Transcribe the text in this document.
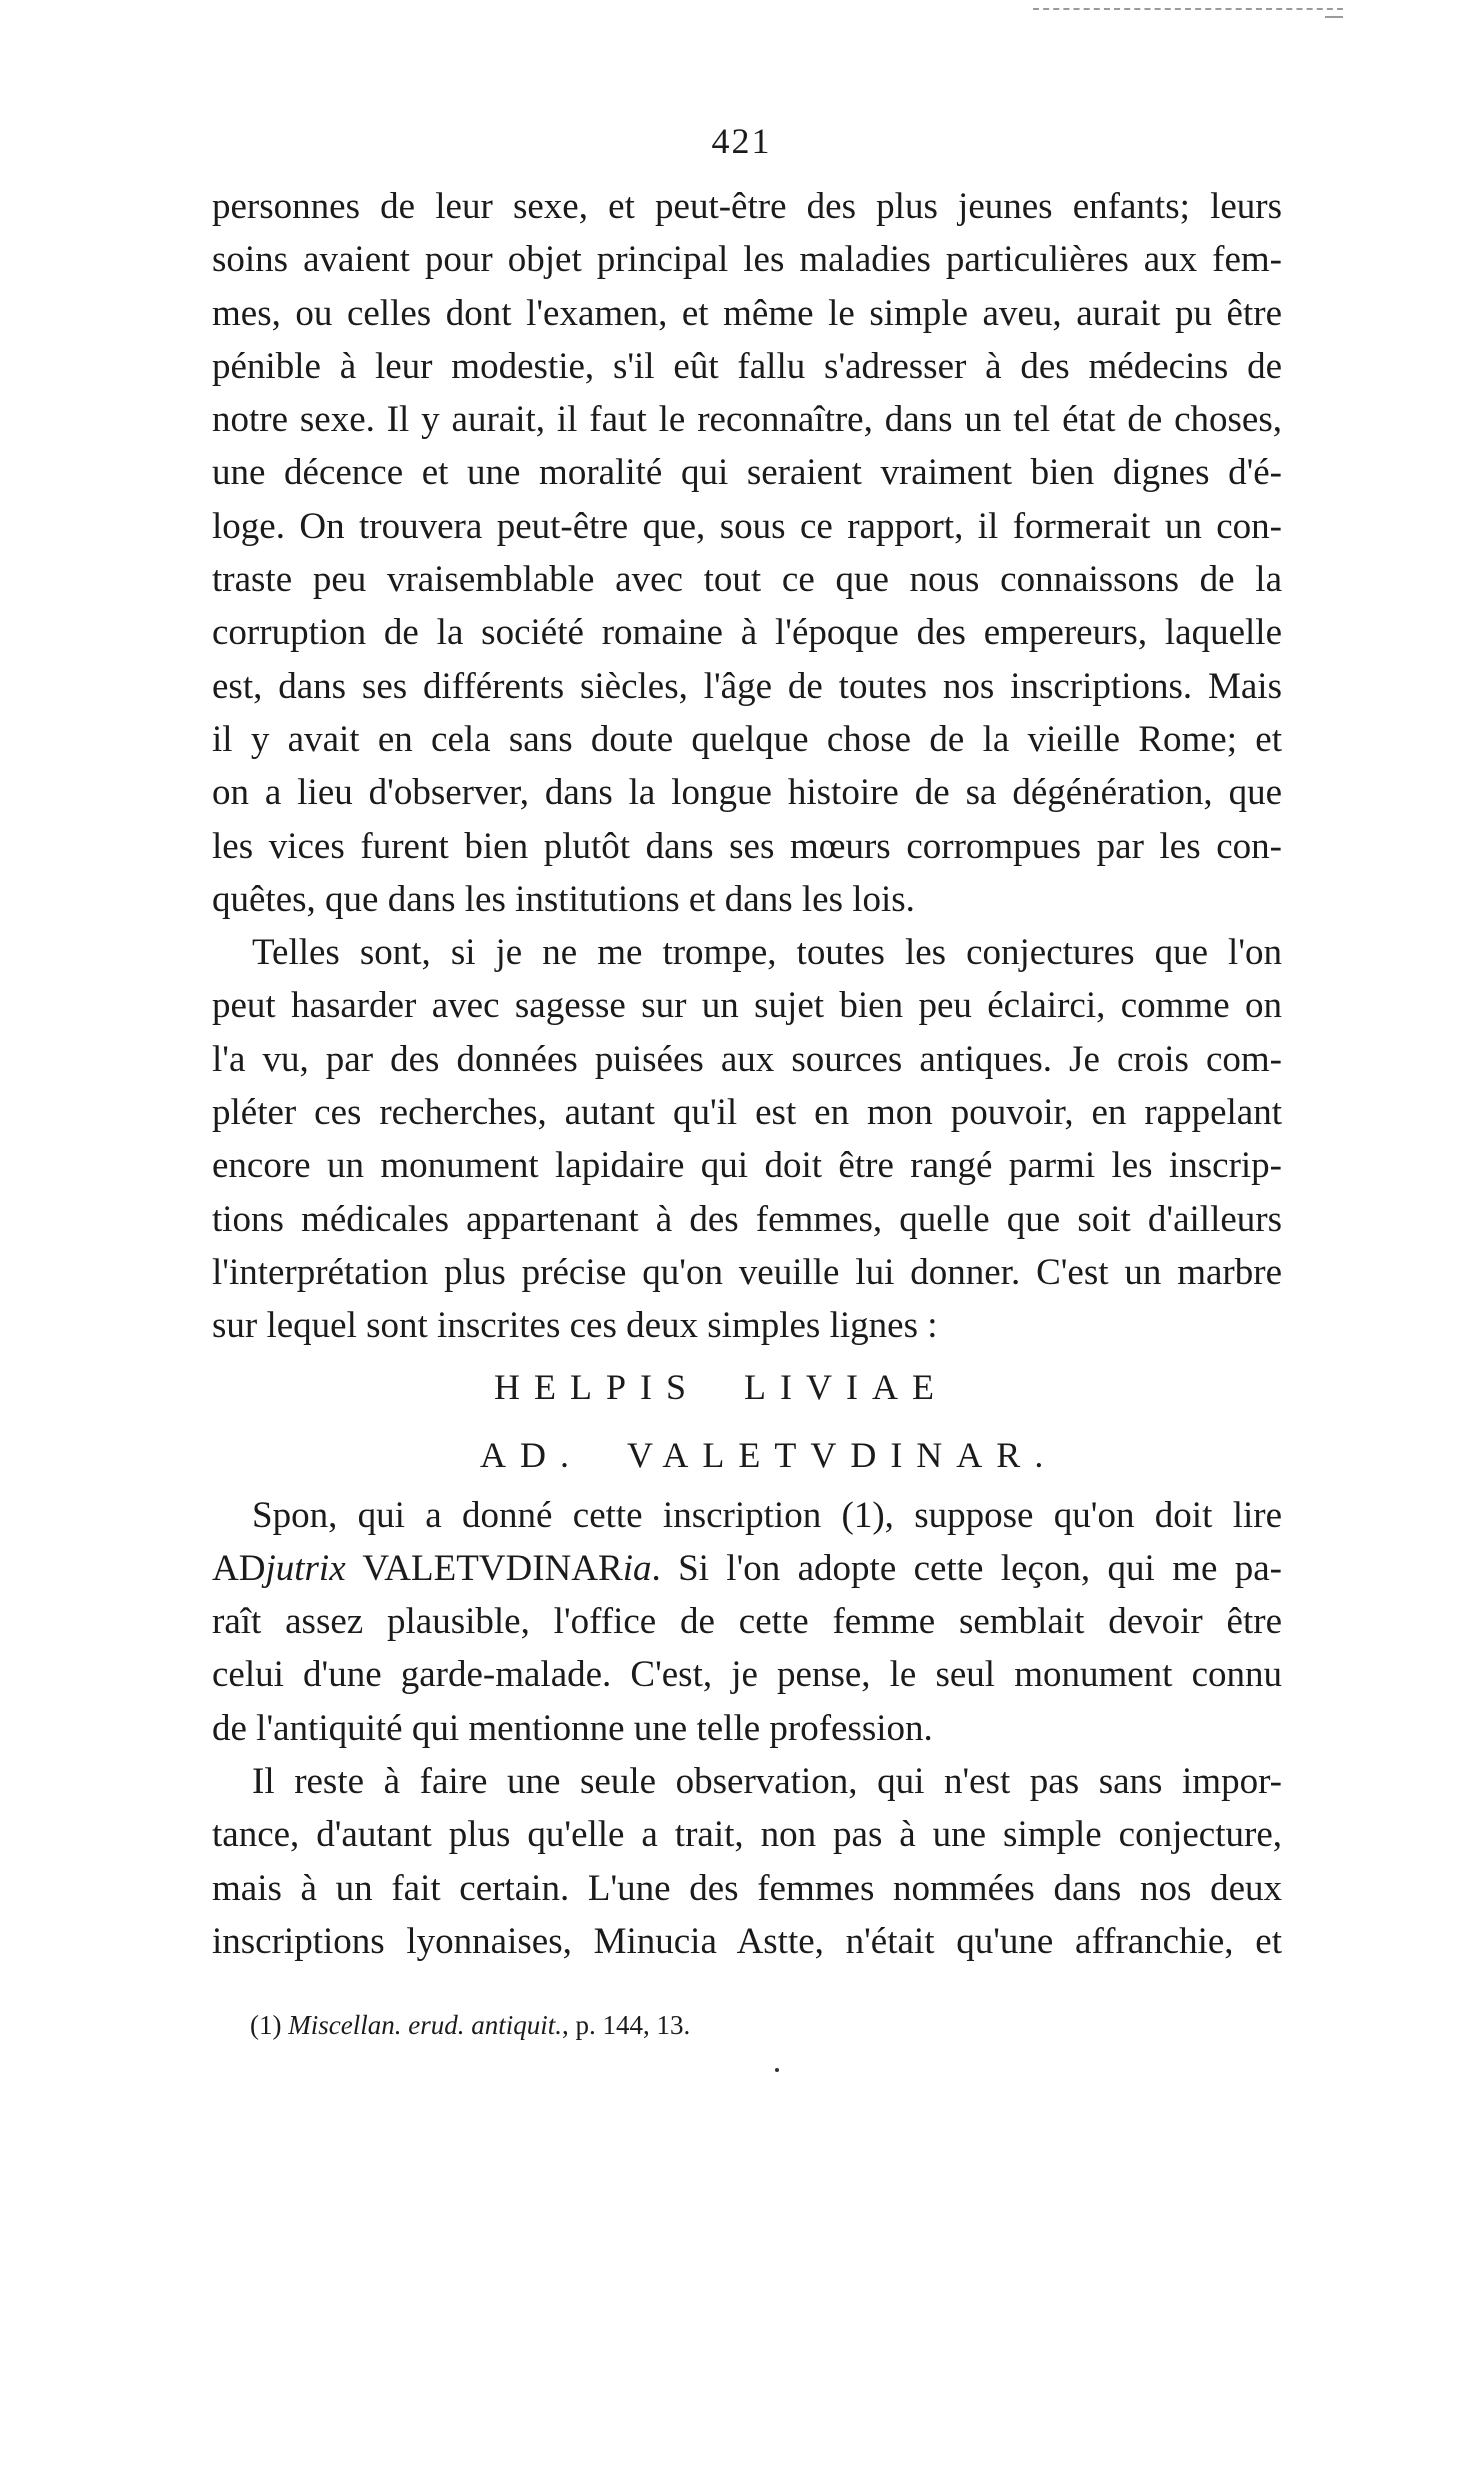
421
personnes de leur sexe, et peut-être des plus jeunes enfants; leurs
soins avaient pour objet principal les maladies particulières aux fem-
mes, ou celles dont l'examen, et même le simple aveu, aurait pu être
pénible à leur modestie, s'il eût fallu s'adresser à des médecins de
notre sexe. Il y aurait, il faut le reconnaître, dans un tel état de choses,
une décence et une moralité qui seraient vraiment bien dignes d'é-
loge. On trouvera peut-être que, sous ce rapport, il formerait un con-
traste peu vraisemblable avec tout ce que nous connaissons de la
corruption de la société romaine à l'époque des empereurs, laquelle
est, dans ses différents siècles, l'âge de toutes nos inscriptions. Mais
il y avait en cela sans doute quelque chose de la vieille Rome; et
on a lieu d'observer, dans la longue histoire de sa dégénération, que
les vices furent bien plutôt dans ses mœurs corrompues par les con-
quêtes, que dans les institutions et dans les lois.
Telles sont, si je ne me trompe, toutes les conjectures que l'on
peut hasarder avec sagesse sur un sujet bien peu éclairci, comme on
l'a vu, par des données puisées aux sources antiques. Je crois com-
pléter ces recherches, autant qu'il est en mon pouvoir, en rappelant
encore un monument lapidaire qui doit être rangé parmi les inscrip-
tions médicales appartenant à des femmes, quelle que soit d'ailleurs
l'interprétation plus précise qu'on veuille lui donner. C'est un marbre
sur lequel sont inscrites ces deux simples lignes :
HELPIS LIVIAE
AD. VALETVDINAR.
Spon, qui a donné cette inscription (1), suppose qu'on doit lire
ADjutrix VALETVDINARia. Si l'on adopte cette leçon, qui me pa-
raît assez plausible, l'office de cette femme semblait devoir être
celui d'une garde-malade. C'est, je pense, le seul monument connu
de l'antiquité qui mentionne une telle profession.
Il reste à faire une seule observation, qui n'est pas sans impor-
tance, d'autant plus qu'elle a trait, non pas à une simple conjecture,
mais à un fait certain. L'une des femmes nommées dans nos deux
inscriptions lyonnaises, Minucia Astte, n'était qu'une affranchie, et
(1) Miscellan. erud. antiquit., p. 144, 13.
